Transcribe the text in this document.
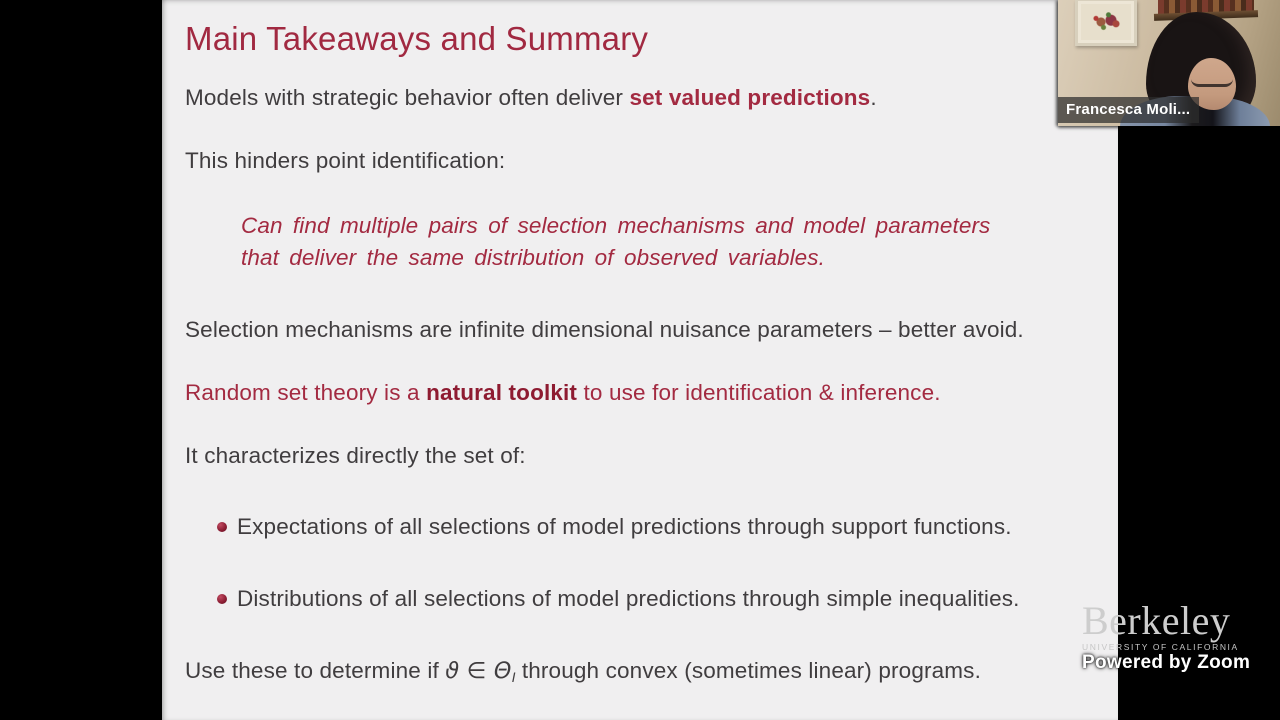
Main Takeaways and Summary
Models with strategic behavior often deliver set valued predictions.
This hinders point identification:
Can find multiple pairs of selection mechanisms and model parameters
that deliver the same distribution of observed variables.
Selection mechanisms are infinite dimensional nuisance parameters – better avoid.
Random set theory is a natural toolkit to use for identification & inference.
It characterizes directly the set of:
Expectations of all selections of model predictions through support functions.
Distributions of all selections of model predictions through simple inequalities.
Use these to determine if ϑ ∈ ΘI through convex (sometimes linear) programs.
Francesca Moli...
Berkeley
UNIVERSITY OF CALIFORNIA
Powered by Zoom
